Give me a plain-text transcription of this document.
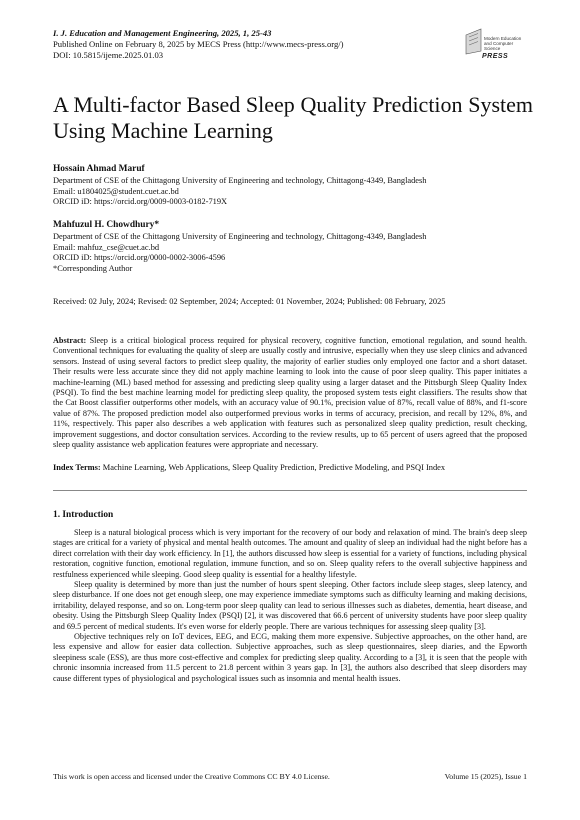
I. J. Education and Management Engineering, 2025, 1, 25-43
Published Online on February 8, 2025 by MECS Press (http://www.mecs-press.org/)
DOI: 10.5815/ijeme.2025.01.03
Modern Education
and Computer Science
PRESS
A Multi-factor Based Sleep Quality Prediction System Using Machine Learning
Hossain Ahmad Maruf
Department of CSE of the Chittagong University of Engineering and technology, Chittagong-4349, Bangladesh
Email: u1804025@student.cuet.ac.bd
ORCID iD: https://orcid.org/0009-0003-0182-719X
Mahfuzul H. Chowdhury*
Department of CSE of the Chittagong University of Engineering and technology, Chittagong-4349, Bangladesh
Email: mahfuz_cse@cuet.ac.bd
ORCID iD: https://orcid.org/0000-0002-3006-4596
*Corresponding Author
Received: 02 July, 2024; Revised: 02 September, 2024; Accepted: 01 November, 2024; Published: 08 February, 2025
Abstract: Sleep is a critical biological process required for physical recovery, cognitive function, emotional regulation, and sound health. Conventional techniques for evaluating the quality of sleep are usually costly and intrusive, especially when they use sleep clinics and advanced sensors. Instead of using several factors to predict sleep quality, the majority of earlier studies only employed one factor and a short dataset. Their results were less accurate since they did not apply machine learning to look into the cause of poor sleep quality. This paper initiates a machine-learning (ML) based method for assessing and predicting sleep quality using a larger dataset and the Pittsburgh Sleep Quality Index (PSQI). To find the best machine learning model for predicting sleep quality, the proposed system tests eight classifiers. The results show that the Cat Boost classifier outperforms other models, with an accuracy value of 90.1%, precision value of 87%, recall value of 88%, and f1-score value of 87%. The proposed prediction model also outperformed previous works in terms of accuracy, precision, and recall by 12%, 8%, and 11%, respectively. This paper also describes a web application with features such as personalized sleep quality prediction, result checking, improvement suggestions, and doctor consultation services. According to the review results, up to 65 percent of users agreed that the proposed sleep quality assistance web application features were appropriate and necessary.
Index Terms: Machine Learning, Web Applications, Sleep Quality Prediction, Predictive Modeling, and PSQI Index
1. Introduction

Sleep is a natural biological process which is very important for the recovery of our body and relaxation of mind. The brain's deep sleep stages are critical for a variety of physical and mental health outcomes. The amount and quality of sleep an individual had the night before has a direct correlation with their day work efficiency. In [1], the authors discussed how sleep is essential for a variety of functions, including physical restoration, cognitive function, emotional regulation, immune function, and so on. Sleep quality refers to the overall subjective happiness and restfulness experienced while sleeping. Good sleep quality is essential for a healthy lifestyle.

Sleep quality is determined by more than just the number of hours spent sleeping. Other factors include sleep stages, sleep latency, and sleep disturbance. If one does not get enough sleep, one may experience immediate symptoms such as difficulty learning and making decisions, irritability, delayed response, and so on. Long-term poor sleep quality can lead to serious illnesses such as diabetes, dementia, heart disease, and obesity. Using the Pittsburgh Sleep Quality Index (PSQI) [2], it was discovered that 66.6 percent of university students have poor sleep quality and 69.5 percent of medical students. It's even worse for elderly people. There are various techniques for assessing sleep quality [3].

Objective techniques rely on IoT devices, EEG, and ECG, making them more expensive. Subjective approaches, on the other hand, are less expensive and allow for easier data collection. Subjective approaches, such as sleep questionnaires, sleep diaries, and the Epworth sleepiness scale (ESS), are thus more cost-effective and complex for predicting sleep quality. According to a [3], it is seen that the people with chronic insomnia increased from 11.5 percent to 21.8 percent within 3 years gap. In [3], the authors also described that sleep disorders may cause different types of physiological and psychological issues such as insomnia and mental health issues.

This work is open access and licensed under the Creative Commons CC BY 4.0 License.	Volume 15 (2025), Issue 1
